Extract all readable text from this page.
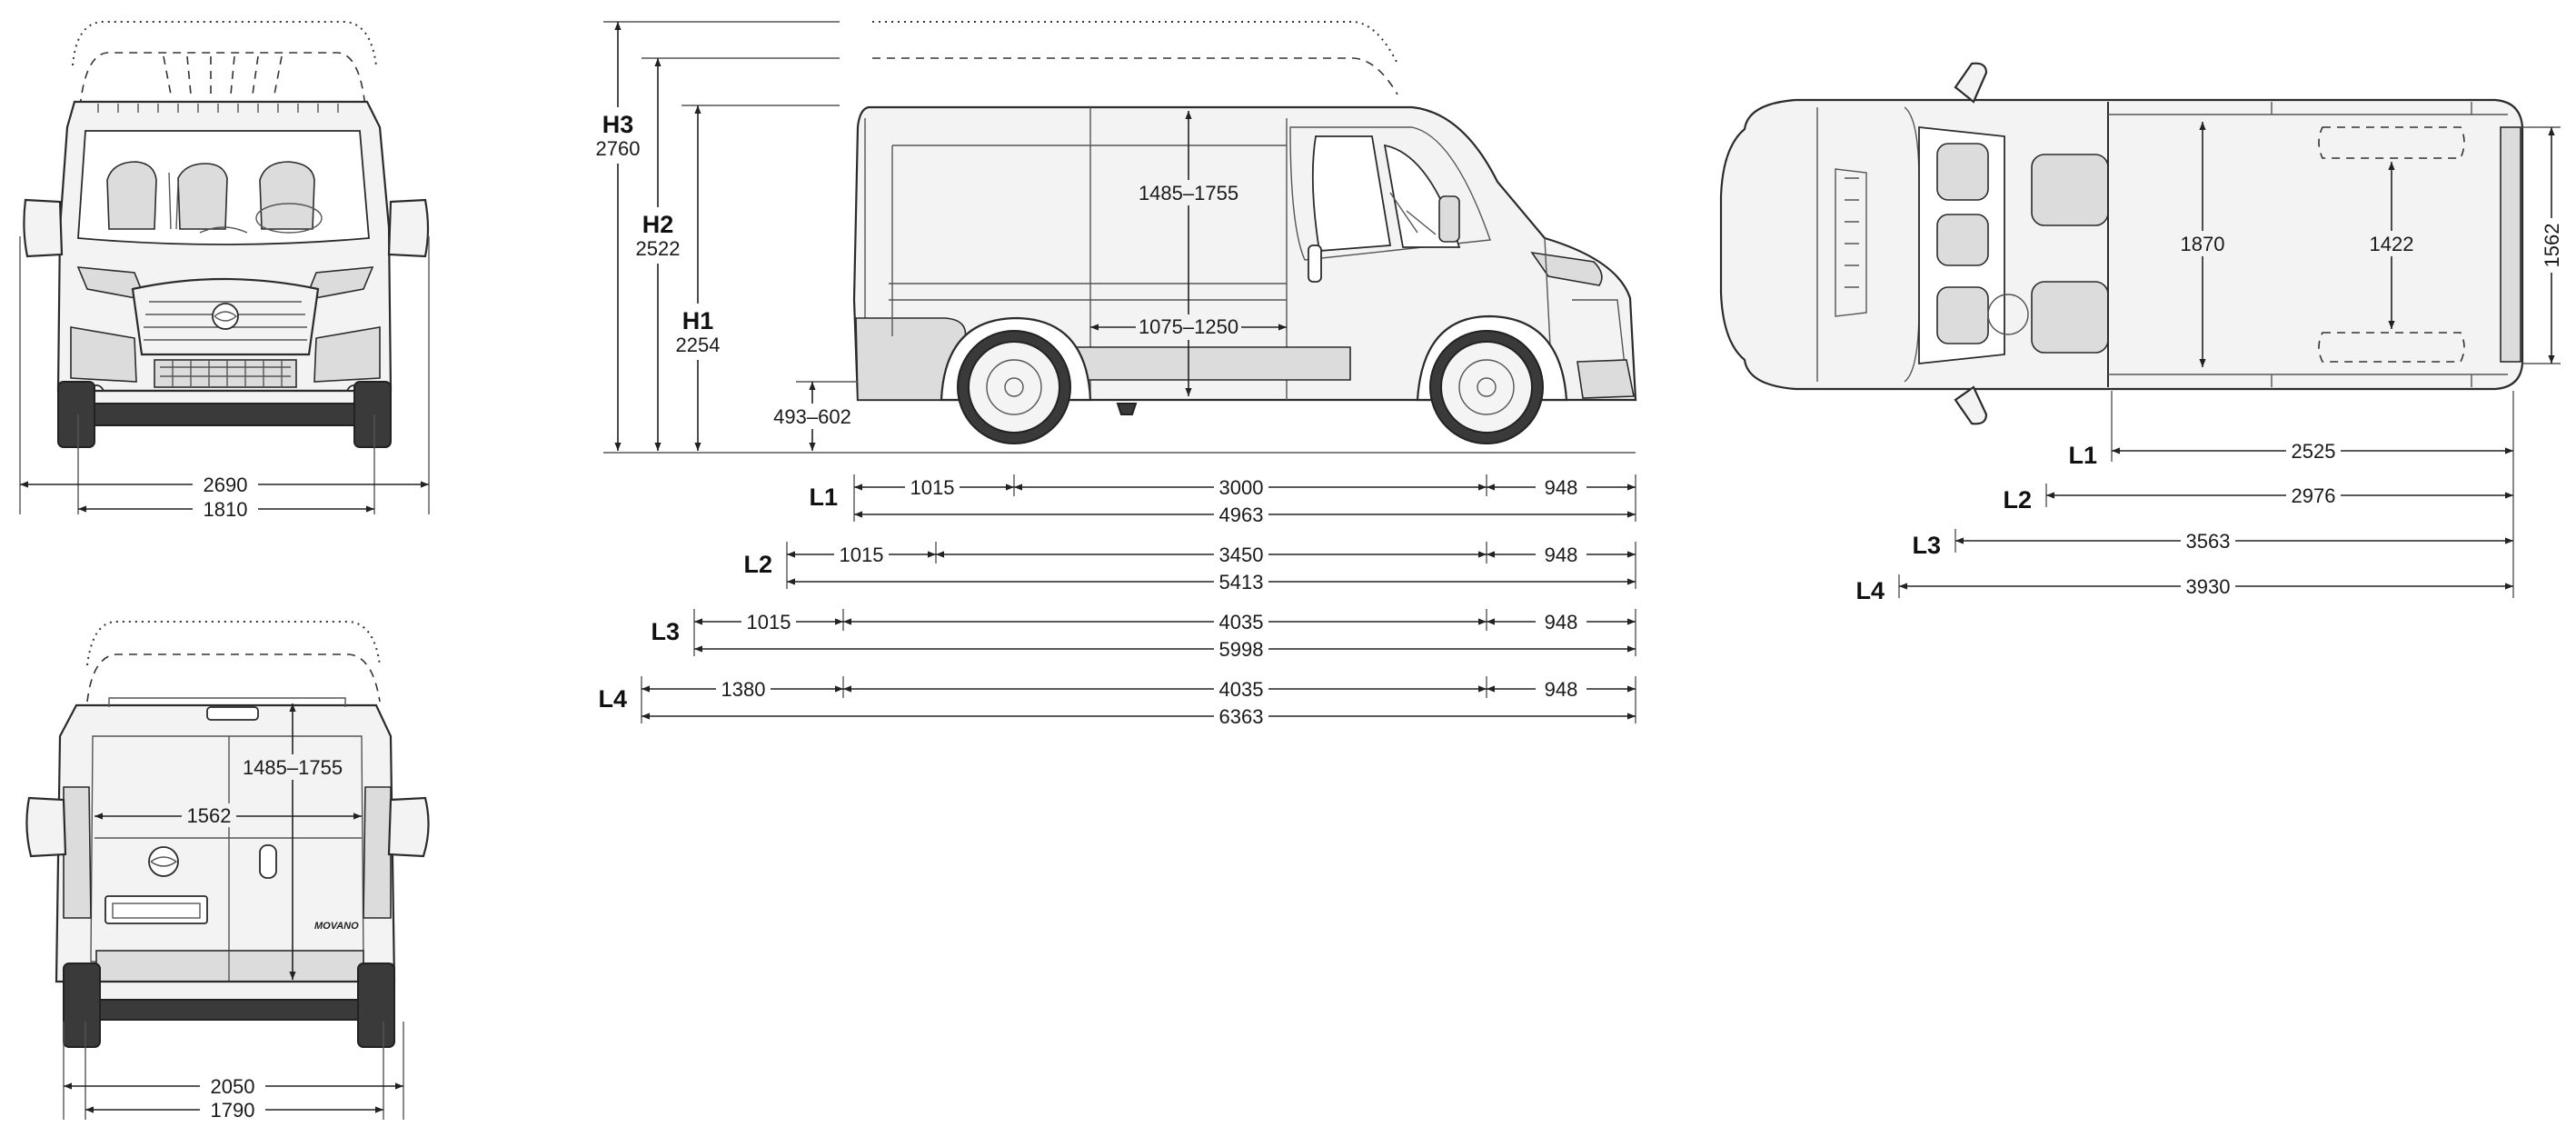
2690
1810
MOVANO
1485–1755
1562
2050
1790
H3
2760
H2
2522
H1
2254
493–602
1485–1755
1075–1250
L1	1015	3000	948
4963
L2	1015	3450	948
5413
L3	1015	4035	948
5998
L4	1380	4035	948
6363
1870	1422	1562
L1	2525
L2	2976
L3	3563
L4	3930
